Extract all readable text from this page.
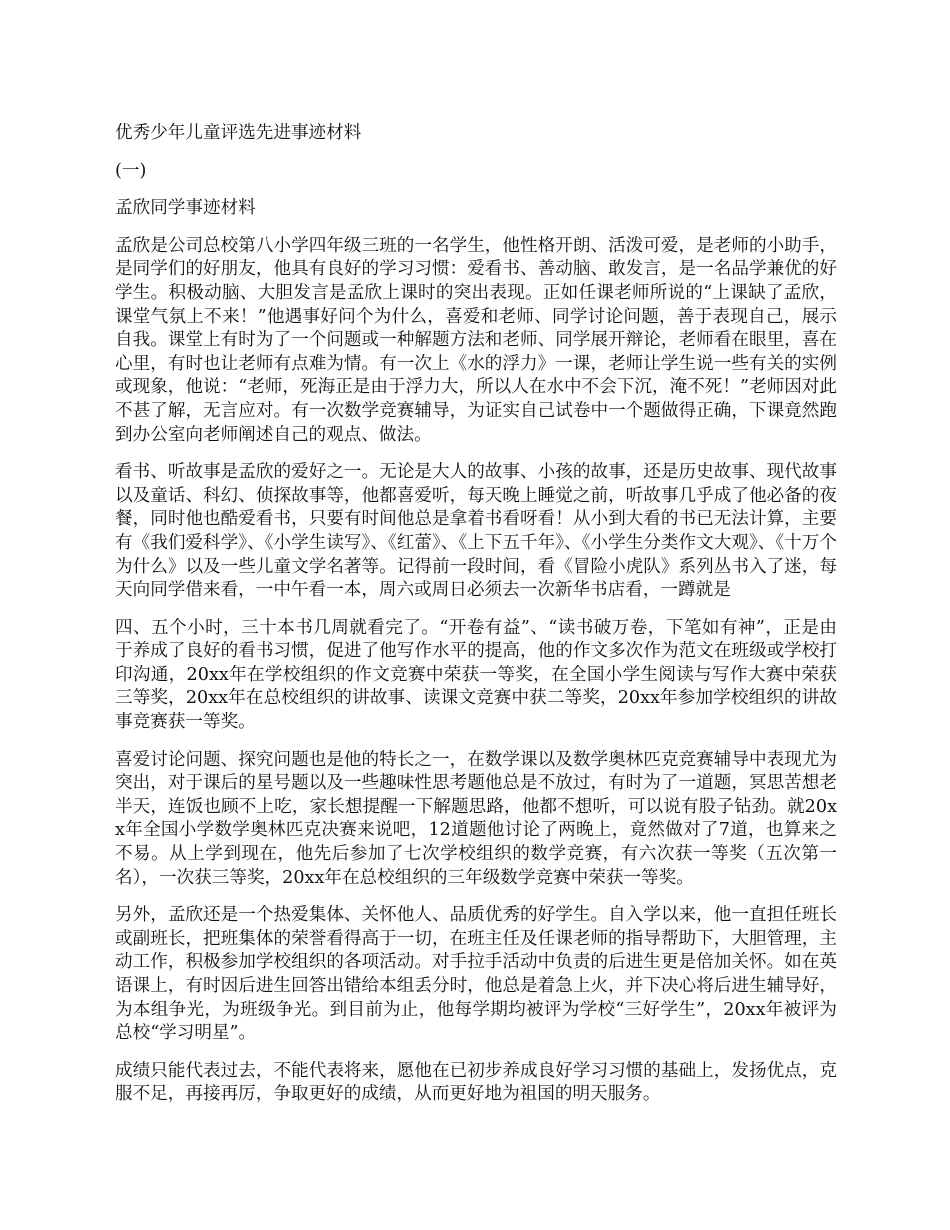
优秀少年儿童评选先进事迹材料
(一)
孟欣同学事迹材料
孟欣是公司总校第八小学四年级三班的一名学生，他性格开朗、活泼可爱，是老师的小助手，是同学们的好朋友，他具有良好的学习习惯：爱看书、善动脑、敢发言，是一名品学兼优的好学生。积极动脑、大胆发言是孟欣上课时的突出表现。正如任课老师所说的“上课缺了孟欣，课堂气氛上不来！”他遇事好问个为什么，喜爱和老师、同学讨论问题，善于表现自己，展示自我。课堂上有时为了一个问题或一种解题方法和老师、同学展开辩论，老师看在眼里，喜在心里，有时也让老师有点难为情。有一次上《水的浮力》一课，老师让学生说一些有关的实例或现象，他说：“老师，死海正是由于浮力大，所以人在水中不会下沉，淹不死！”老师因对此不甚了解，无言应对。有一次数学竞赛辅导，为证实自己试卷中一个题做得正确，下课竟然跑到办公室向老师阐述自己的观点、做法。
看书、听故事是孟欣的爱好之一。无论是大人的故事、小孩的故事，还是历史故事、现代故事以及童话、科幻、侦探故事等，他都喜爱听，每天晚上睡觉之前，听故事几乎成了他必备的夜餐，同时他也酷爱看书，只要有时间他总是拿着书看呀看！从小到大看的书已无法计算，主要有《我们爱科学》、《小学生读写》、《红蕾》、《上下五千年》、《小学生分类作文大观》、《十万个为什么》以及一些儿童文学名著等。记得前一段时间，看《冒险小虎队》系列丛书入了迷，每天向同学借来看，一中午看一本，周六或周日必须去一次新华书店看，一蹲就是
四、五个小时，三十本书几周就看完了。“开卷有益”、“读书破万卷，下笔如有神”，正是由于养成了良好的看书习惯，促进了他写作水平的提高，他的作文多次作为范文在班级或学校打印沟通，20xx年在学校组织的作文竞赛中荣获一等奖，在全国小学生阅读与写作大赛中荣获三等奖，20xx年在总校组织的讲故事、读课文竞赛中获二等奖，20xx年参加学校组织的讲故事竞赛获一等奖。
喜爱讨论问题、探究问题也是他的特长之一，在数学课以及数学奥林匹克竞赛辅导中表现尤为突出，对于课后的星号题以及一些趣味性思考题他总是不放过，有时为了一道题，冥思苦想老半天，连饭也顾不上吃，家长想提醒一下解题思路，他都不想听，可以说有股子钻劲。就20xx年全国小学数学奥林匹克决赛来说吧，12道题他讨论了两晚上，竟然做对了7道，也算来之不易。从上学到现在，他先后参加了七次学校组织的数学竞赛，有六次获一等奖（五次第一名），一次获三等奖，20xx年在总校组织的三年级数学竞赛中荣获一等奖。
另外，孟欣还是一个热爱集体、关怀他人、品质优秀的好学生。自入学以来，他一直担任班长或副班长，把班集体的荣誉看得高于一切，在班主任及任课老师的指导帮助下，大胆管理，主动工作，积极参加学校组织的各项活动。对手拉手活动中负责的后进生更是倍加关怀。如在英语课上，有时因后进生回答出错给本组丢分时，他总是着急上火，并下决心将后进生辅导好，为本组争光，为班级争光。到目前为止，他每学期均被评为学校“三好学生”，20xx年被评为总校“学习明星”。
成绩只能代表过去，不能代表将来，愿他在已初步养成良好学习习惯的基础上，发扬优点，克服不足，再接再厉，争取更好的成绩，从而更好地为祖国的明天服务。
